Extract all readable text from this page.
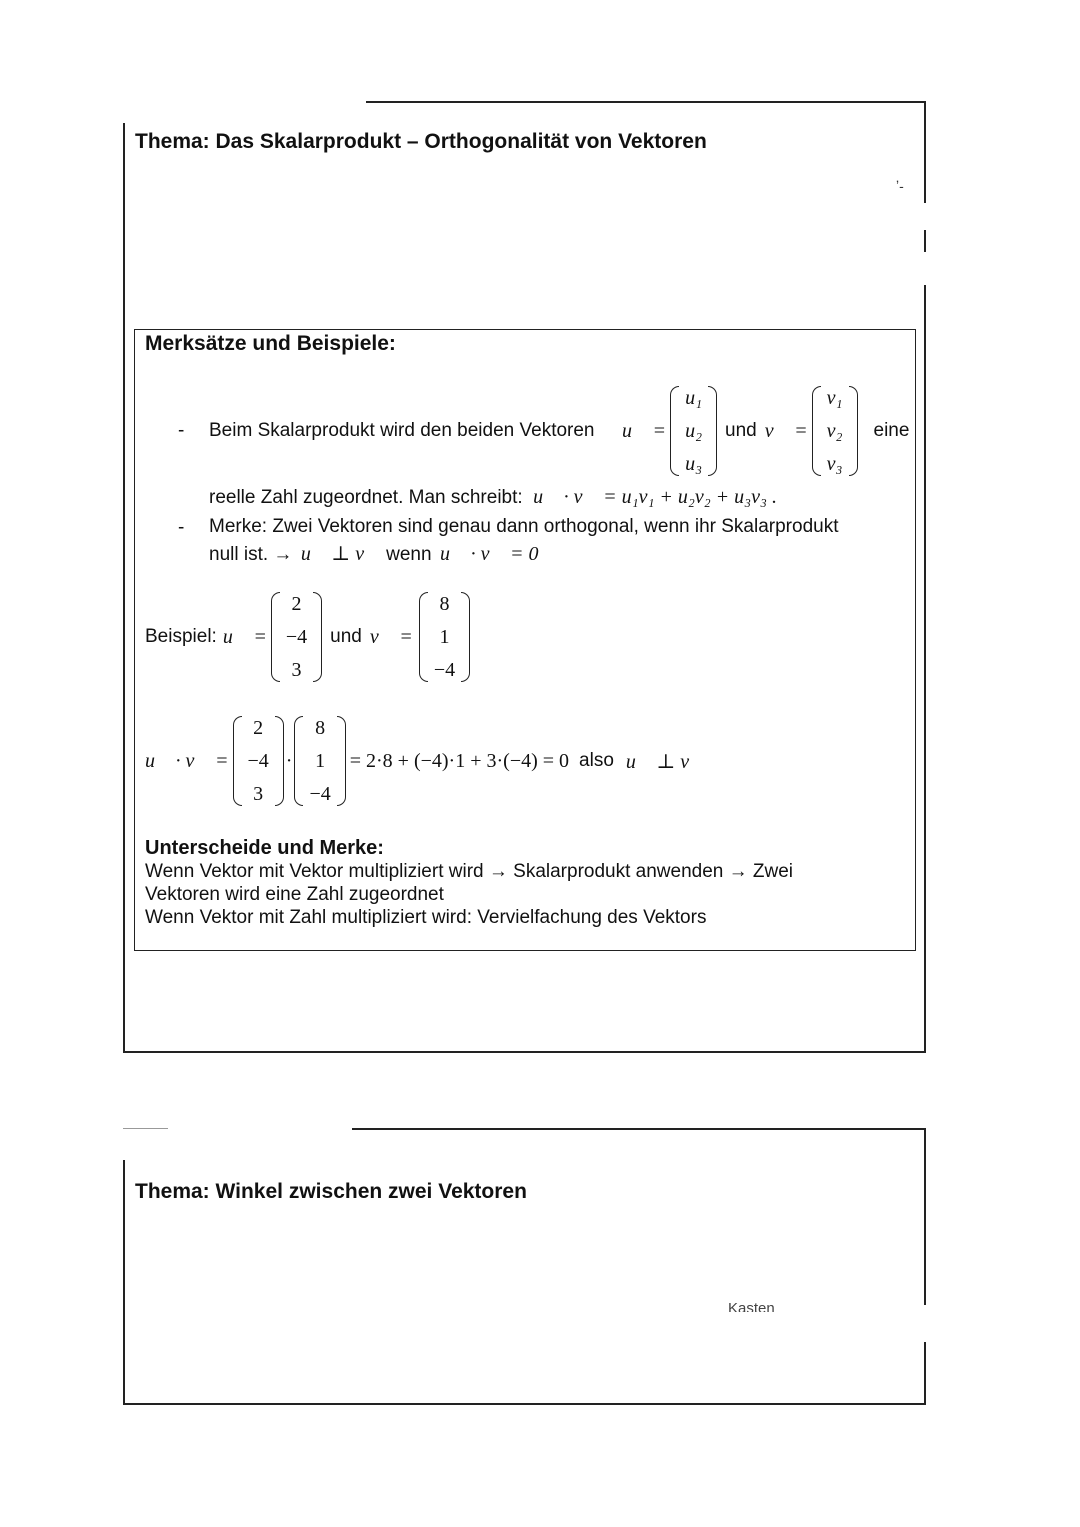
Thema: Das Skalarprodukt – Orthogonalität von Vektoren
ʼ-
Merksätze und Beispiele:
- Beim Skalarprodukt wird den beiden Vektoren u⃗ =
u₁
u₂
u₃
und v⃗ =
v₁
v₂
v₃
eine
reelle Zahl zugeordnet. Man schreibt: u⃗ · v⃗ = u₁v₁ + u₂v₂ + u₃v₃ .
- Merke: Zwei Vektoren sind genau dann orthogonal, wenn ihr Skalarprodukt
null ist. → u⃗ ⊥ v⃗ wenn u⃗ · v⃗ = 0
Beispiel: u⃗ =
2
−4
3
und v⃗ =
8
1
−4
u⃗ · v⃗ =
2
−4
3
·
8
1
−4
= 2·8 + (−4)·1 + 3·(−4) = 0 also u⃗ ⊥ v⃗
Unterscheide und Merke:
Wenn Vektor mit Vektor multipliziert wird → Skalarprodukt anwenden → Zwei
Vektoren wird eine Zahl zugeordnet
Wenn Vektor mit Zahl multipliziert wird: Vervielfachung des Vektors
Thema: Winkel zwischen zwei Vektoren
Kasten
